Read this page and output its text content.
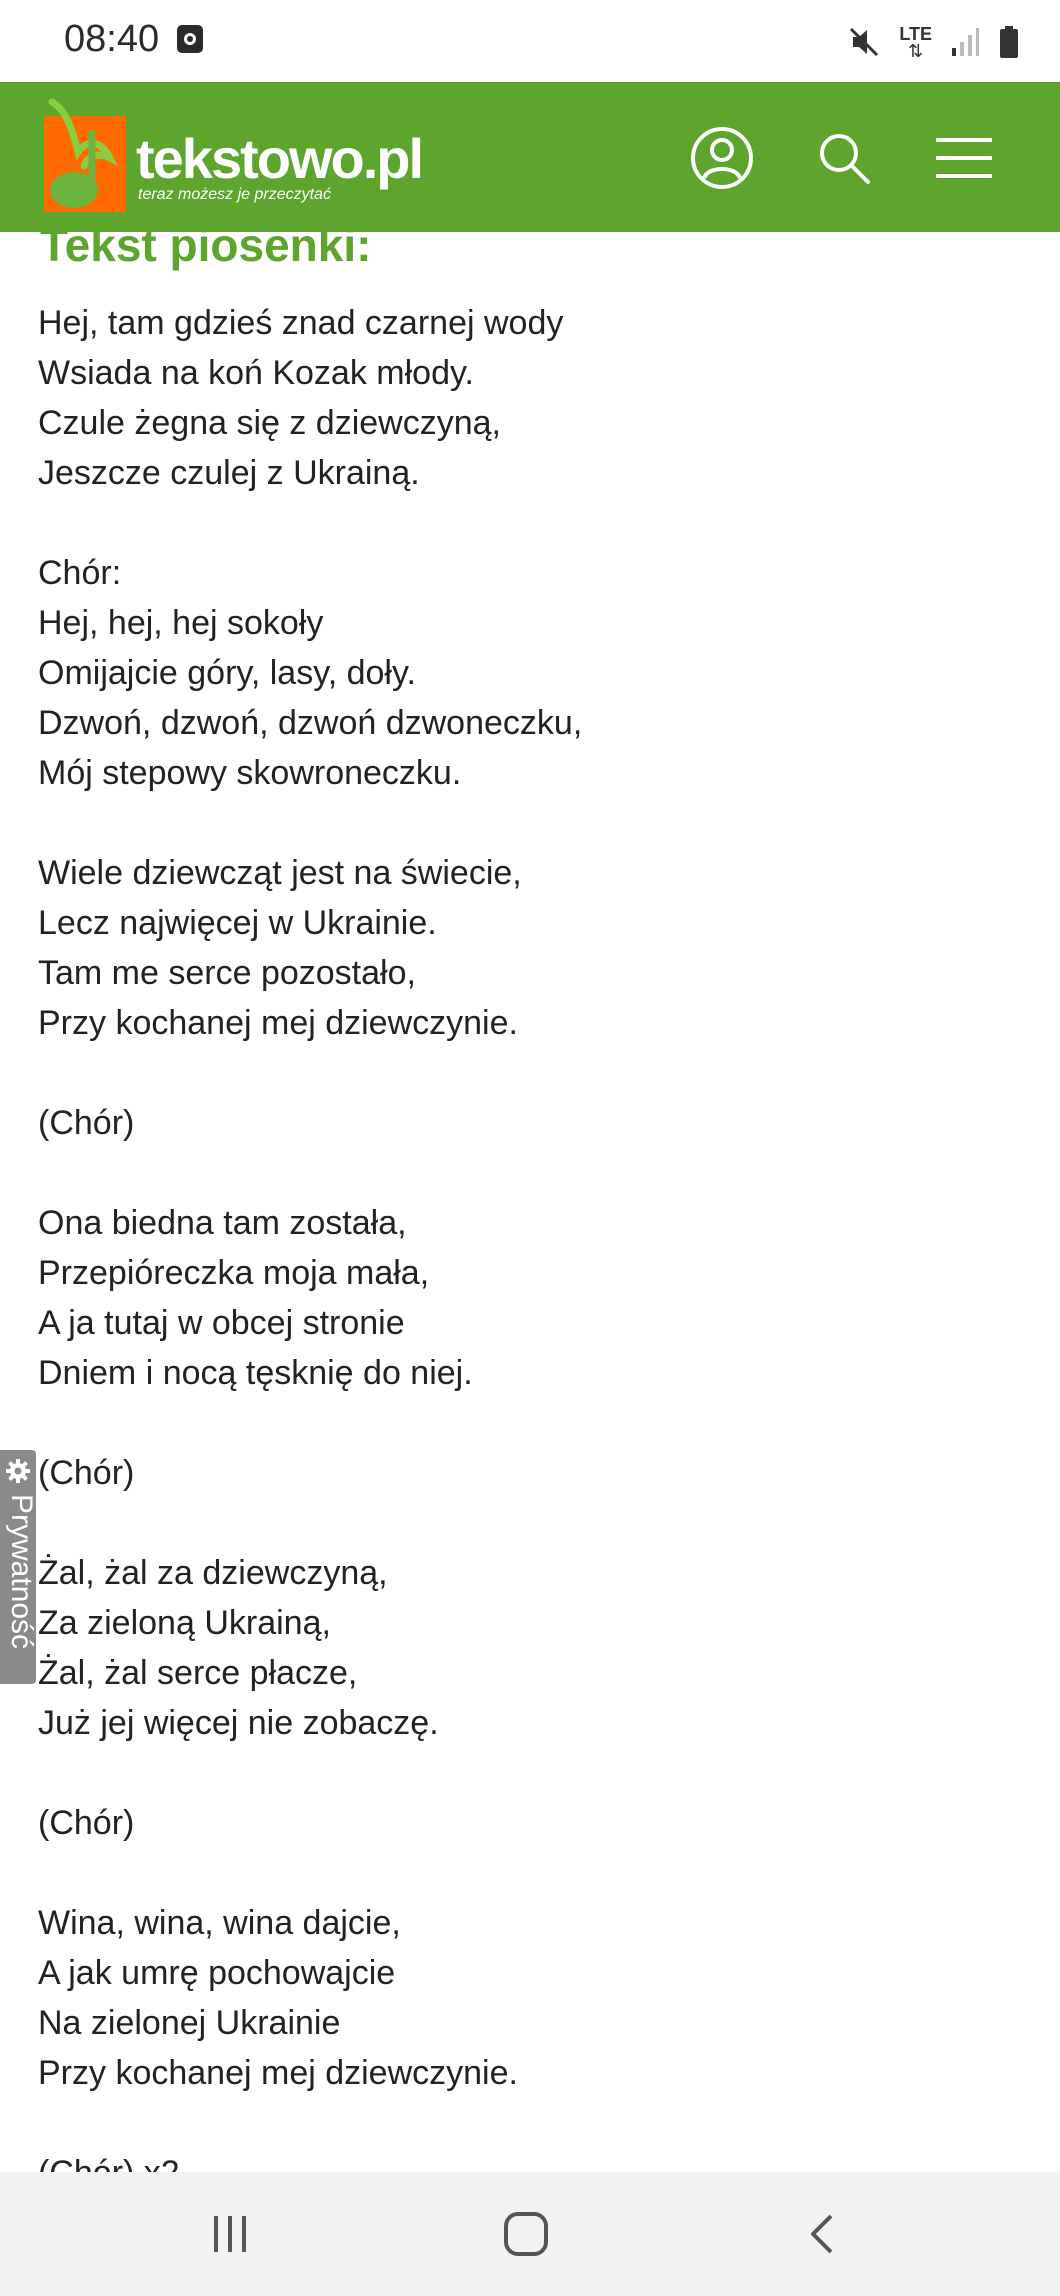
08:40	LTE
⇅
tekstowo.pl
teraz możesz je przeczytać
Tekst piosenki:
Hej, tam gdzieś znad czarnej wody
Wsiada na koń Kozak młody.
Czule żegna się z dziewczyną,
Jeszcze czulej z Ukrainą.
Chór:
Hej, hej, hej sokoły
Omijajcie góry, lasy, doły.
Dzwoń, dzwoń, dzwoń dzwoneczku,
Mój stepowy skowroneczku.
Wiele dziewcząt jest na świecie,
Lecz najwięcej w Ukrainie.
Tam me serce pozostało,
Przy kochanej mej dziewczynie.
(Chór)
Ona biedna tam została,
Przepióreczka moja mała,
A ja tutaj w obcej stronie
Dniem i nocą tęsknię do niej.
(Chór)
Żal, żal za dziewczyną,
Za zieloną Ukrainą,
Żal, żal serce płacze,
Już jej więcej nie zobaczę.
(Chór)
Wina, wina, wina dajcie,
A jak umrę pochowajcie
Na zielonej Ukrainie
Przy kochanej mej dziewczynie.
Prywatność
